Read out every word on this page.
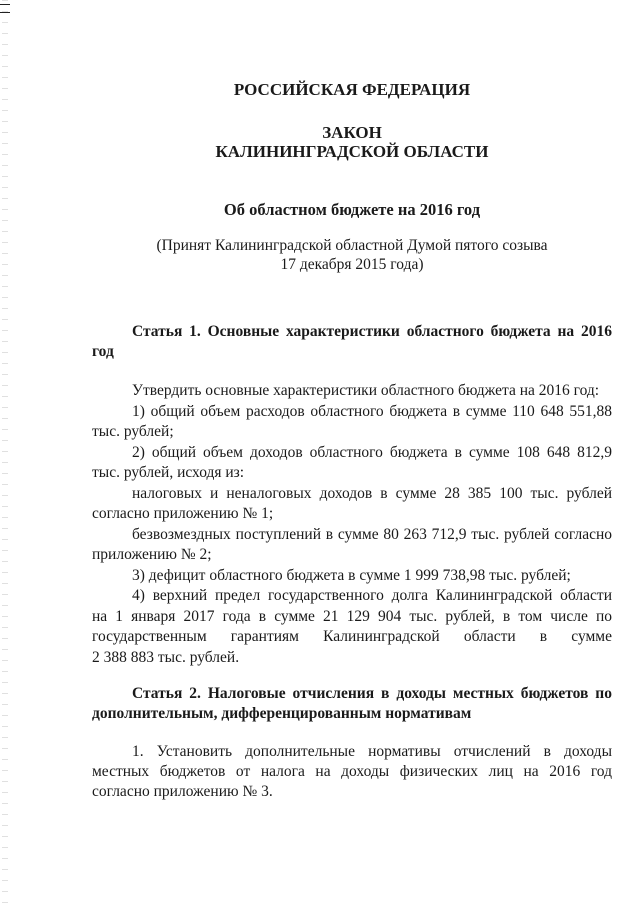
РОССИЙСКАЯ ФЕДЕРАЦИЯ
ЗАКОН
КАЛИНИНГРАДСКОЙ ОБЛАСТИ
Об областном бюджете на 2016 год
(Принят Калининградской областной Думой пятого созыва
17 декабря 2015 года)
Статья 1. Основные характеристики областного бюджета на 2016
год
Утвердить основные характеристики областного бюджета на 2016 год:
1) общий объем расходов областного бюджета в сумме 110 648 551,88
тыс. рублей;
2) общий объем доходов областного бюджета в сумме 108 648 812,9
тыс. рублей, исходя из:
налоговых и неналоговых доходов в сумме 28 385 100 тыс. рублей
согласно приложению № 1;
безвозмездных поступлений в сумме 80 263 712,9 тыс. рублей согласно
приложению № 2;
3) дефицит областного бюджета в сумме 1 999 738,98 тыс. рублей;
4) верхний предел государственного долга Калининградской области
на 1 января 2017 года в сумме 21 129 904 тыс. рублей, в том числе по
государственным гарантиям Калининградской области в сумме
2 388 883 тыс. рублей.
Статья 2. Налоговые отчисления в доходы местных бюджетов по
дополнительным, дифференцированным нормативам
1. Установить дополнительные нормативы отчислений в доходы
местных бюджетов от налога на доходы физических лиц на 2016 год
согласно приложению № 3.
